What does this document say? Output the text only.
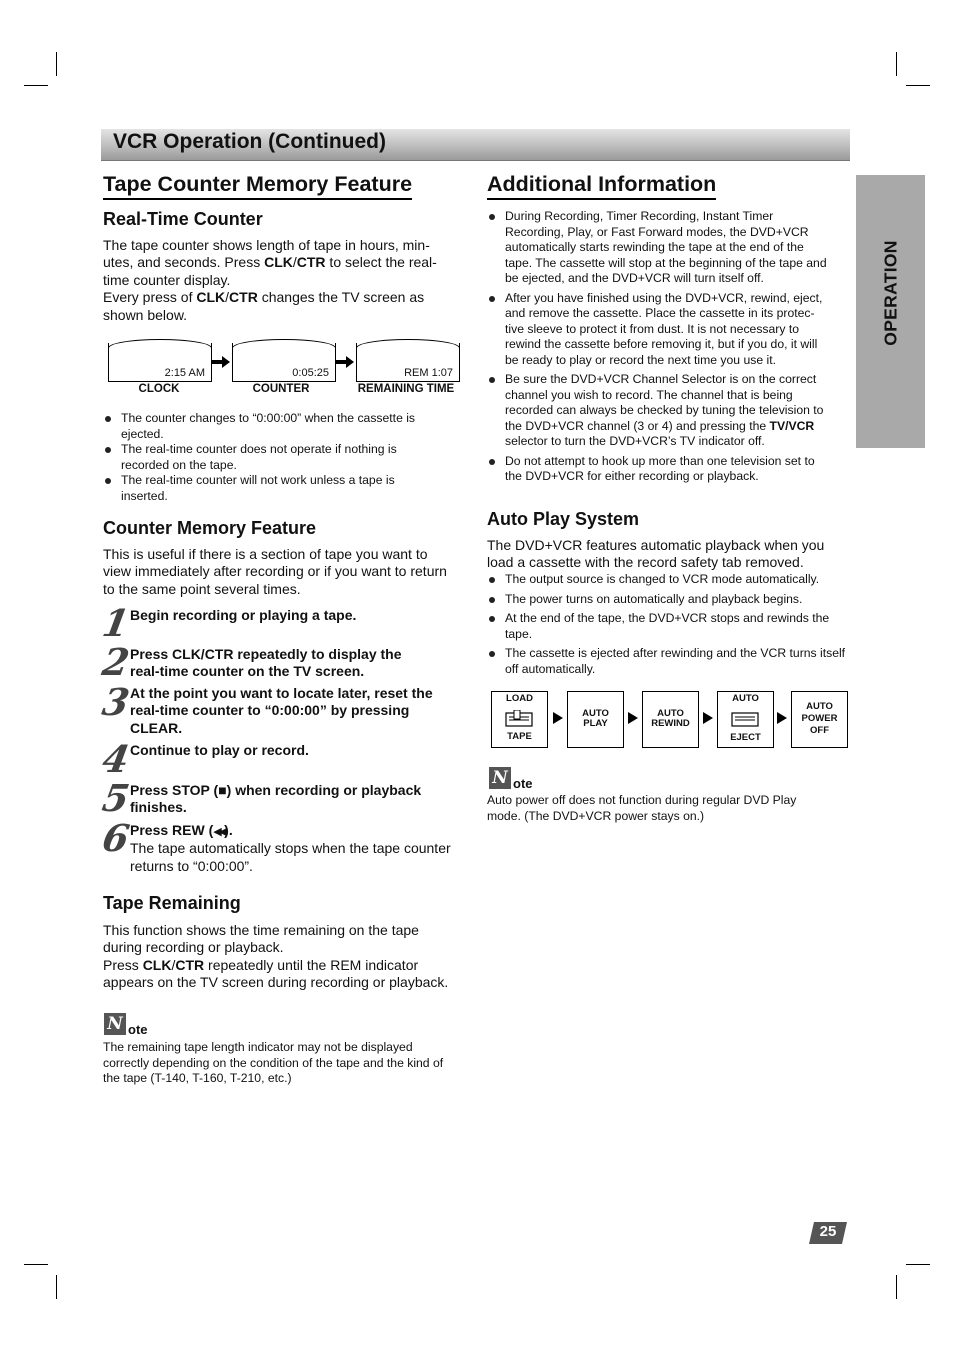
VCR Operation (Continued)
OPERATION
Tape Counter Memory Feature
Real-Time Counter

The tape counter shows length of tape in hours, min-
utes, and seconds. Press CLK/CTR to select the real-
time counter display.
Every press of CLK/CTR changes the TV screen as
shown below.

2:15 AM	0:05:25	REM 1:07
CLOCK	COUNTER	REMAINING TIME
The counter changes to “0:00:00” when the cassette is ejected.
The real-time counter does not operate if nothing is recorded on the tape.
The real-time counter will not work unless a tape is inserted.
Counter Memory Feature

This is useful if there is a section of tape you want to
view immediately after recording or if you want to return
to the same point several times.

1

Begin recording or playing a tape.

2

Press CLK/CTR repeatedly to display the
real-time counter on the TV screen.

3

At the point you want to locate later, reset the
real-time counter to “0:00:00” by pressing
CLEAR.

4

Continue to play or record.

5

Press STOP (■) when recording or playback
finishes.

6

Press REW (◀◀).
The tape automatically stops when the tape counter
returns to “0:00:00”.

Tape Remaining

This function shows the time remaining on the tape
during recording or playback.
Press CLK/CTR repeatedly until the REM indicator
appears on the TV screen during recording or playback.

N ote

The remaining tape length indicator may not be displayed
correctly depending on the condition of the tape and the kind of
the tape (T-140, T-160, T-210, etc.)

Additional Information
During Recording, Timer Recording, Instant Timer
Recording, Play, or Fast Forward modes, the DVD+VCR
automatically starts rewinding the tape at the end of the
tape. The cassette will stop at the beginning of the tape and
be ejected, and the DVD+VCR will turn itself off.
After you have finished using the DVD+VCR, rewind, eject,
and remove the cassette. Place the cassette in its protec-
tive sleeve to protect it from dust. It is not necessary to
rewind the cassette before removing it, but if you do, it will
be ready to play or record the next time you use it.
Be sure the DVD+VCR Channel Selector is on the correct
channel you wish to record. The channel that is being
recorded can always be checked by tuning the television to
the DVD+VCR channel (3 or 4) and pressing the TV/VCR
selector to turn the DVD+VCR’s TV indicator off.
Do not attempt to hook up more than one television set to
the DVD+VCR for either recording or playback.
Auto Play System

The DVD+VCR features automatic playback when you
load a cassette with the record safety tab removed.

The output source is changed to VCR mode automatically.
The power turns on automatically and playback begins.
At the end of the tape, the DVD+VCR stops and rewinds the tape.
The cassette is ejected after rewinding and the VCR turns itself off automatically.
LOAD
TAPE
AUTO
PLAY
AUTO
REWIND
AUTO
EJECT
AUTO
POWER
OFF
N ote

Auto power off does not function during regular DVD Play
mode. (The DVD+VCR power stays on.)

25
